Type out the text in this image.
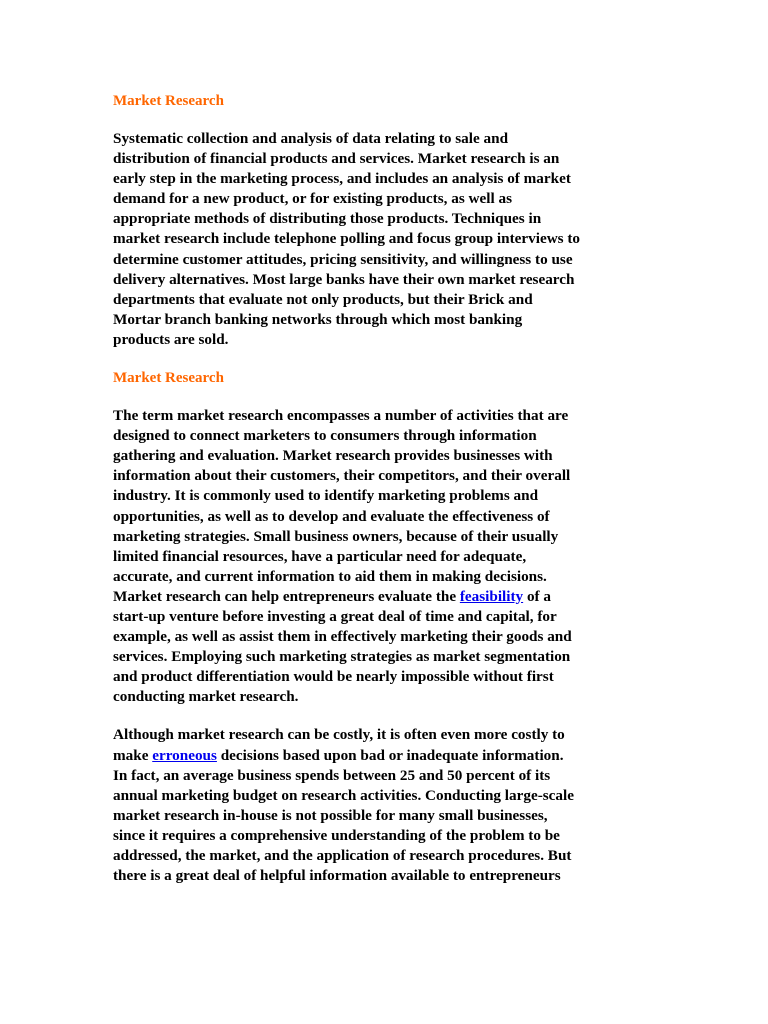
Market Research
Systematic collection and analysis of data relating to sale and
distribution of financial products and services. Market research is an
early step in the marketing process, and includes an analysis of market
demand for a new product, or for existing products, as well as
appropriate methods of distributing those products. Techniques in
market research include telephone polling and focus group interviews to
determine customer attitudes, pricing sensitivity, and willingness to use
delivery alternatives. Most large banks have their own market research
departments that evaluate not only products, but their Brick and
Mortar branch banking networks through which most banking
products are sold.
Market Research
The term market research encompasses a number of activities that are
designed to connect marketers to consumers through information
gathering and evaluation. Market research provides businesses with
information about their customers, their competitors, and their overall
industry. It is commonly used to identify marketing problems and
opportunities, as well as to develop and evaluate the effectiveness of
marketing strategies. Small business owners, because of their usually
limited financial resources, have a particular need for adequate,
accurate, and current information to aid them in making decisions.
Market research can help entrepreneurs evaluate the feasibility of a
start-up venture before investing a great deal of time and capital, for
example, as well as assist them in effectively marketing their goods and
services. Employing such marketing strategies as market segmentation
and product differentiation would be nearly impossible without first
conducting market research.
Although market research can be costly, it is often even more costly to
make erroneous decisions based upon bad or inadequate information.
In fact, an average business spends between 25 and 50 percent of its
annual marketing budget on research activities. Conducting large-scale
market research in-house is not possible for many small businesses,
since it requires a comprehensive understanding of the problem to be
addressed, the market, and the application of research procedures. But
there is a great deal of helpful information available to entrepreneurs
